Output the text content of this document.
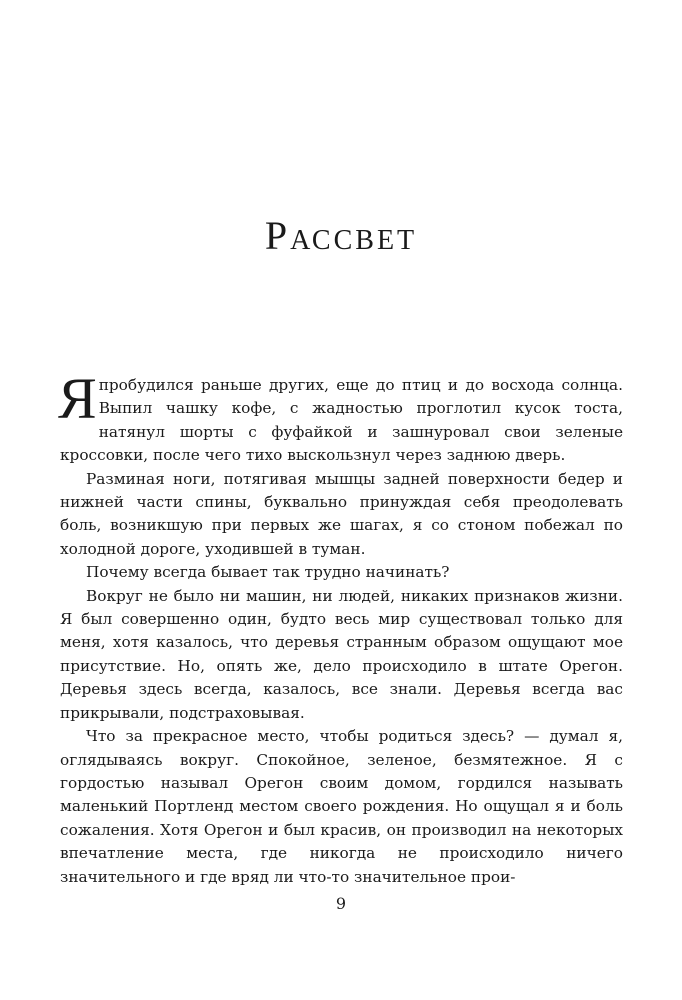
Рассвет

Я пробудился раньше других, еще до птиц и до восхода солнца. Выпил чашку кофе, с жадностью проглотил кусок тоста, натянул шорты с фуфайкой и зашнуровал свои зеленые кроссовки, после чего тихо выскользнул через заднюю дверь.

Разминая ноги, потягивая мышцы задней поверхности бедер и нижней части спины, буквально принуждая себя преодолевать боль, возникшую при первых же шагах, я со стоном побежал по холодной дороге, уходившей в туман.

Почему всегда бывает так трудно начинать?

Вокруг не было ни машин, ни людей, никаких признаков жизни. Я был совершенно один, будто весь мир существовал только для меня, хотя казалось, что деревья странным образом ощущают мое присутствие. Но, опять же, дело происходило в штате Орегон. Деревья здесь всегда, казалось, все знали. Деревья всегда вас прикрывали, подстраховывая.

Что за прекрасное место, чтобы родиться здесь? — думал я, оглядываясь вокруг. Спокойное, зеленое, безмятежное. Я с гордостью называл Орегон своим домом, гордился называть маленький Портленд местом своего рождения. Но ощущал я и боль сожаления. Хотя Орегон и был красив, он производил на некоторых впечатление места, где никогда не происходило ничего значительного и где вряд ли что-то значительное прои-

9
